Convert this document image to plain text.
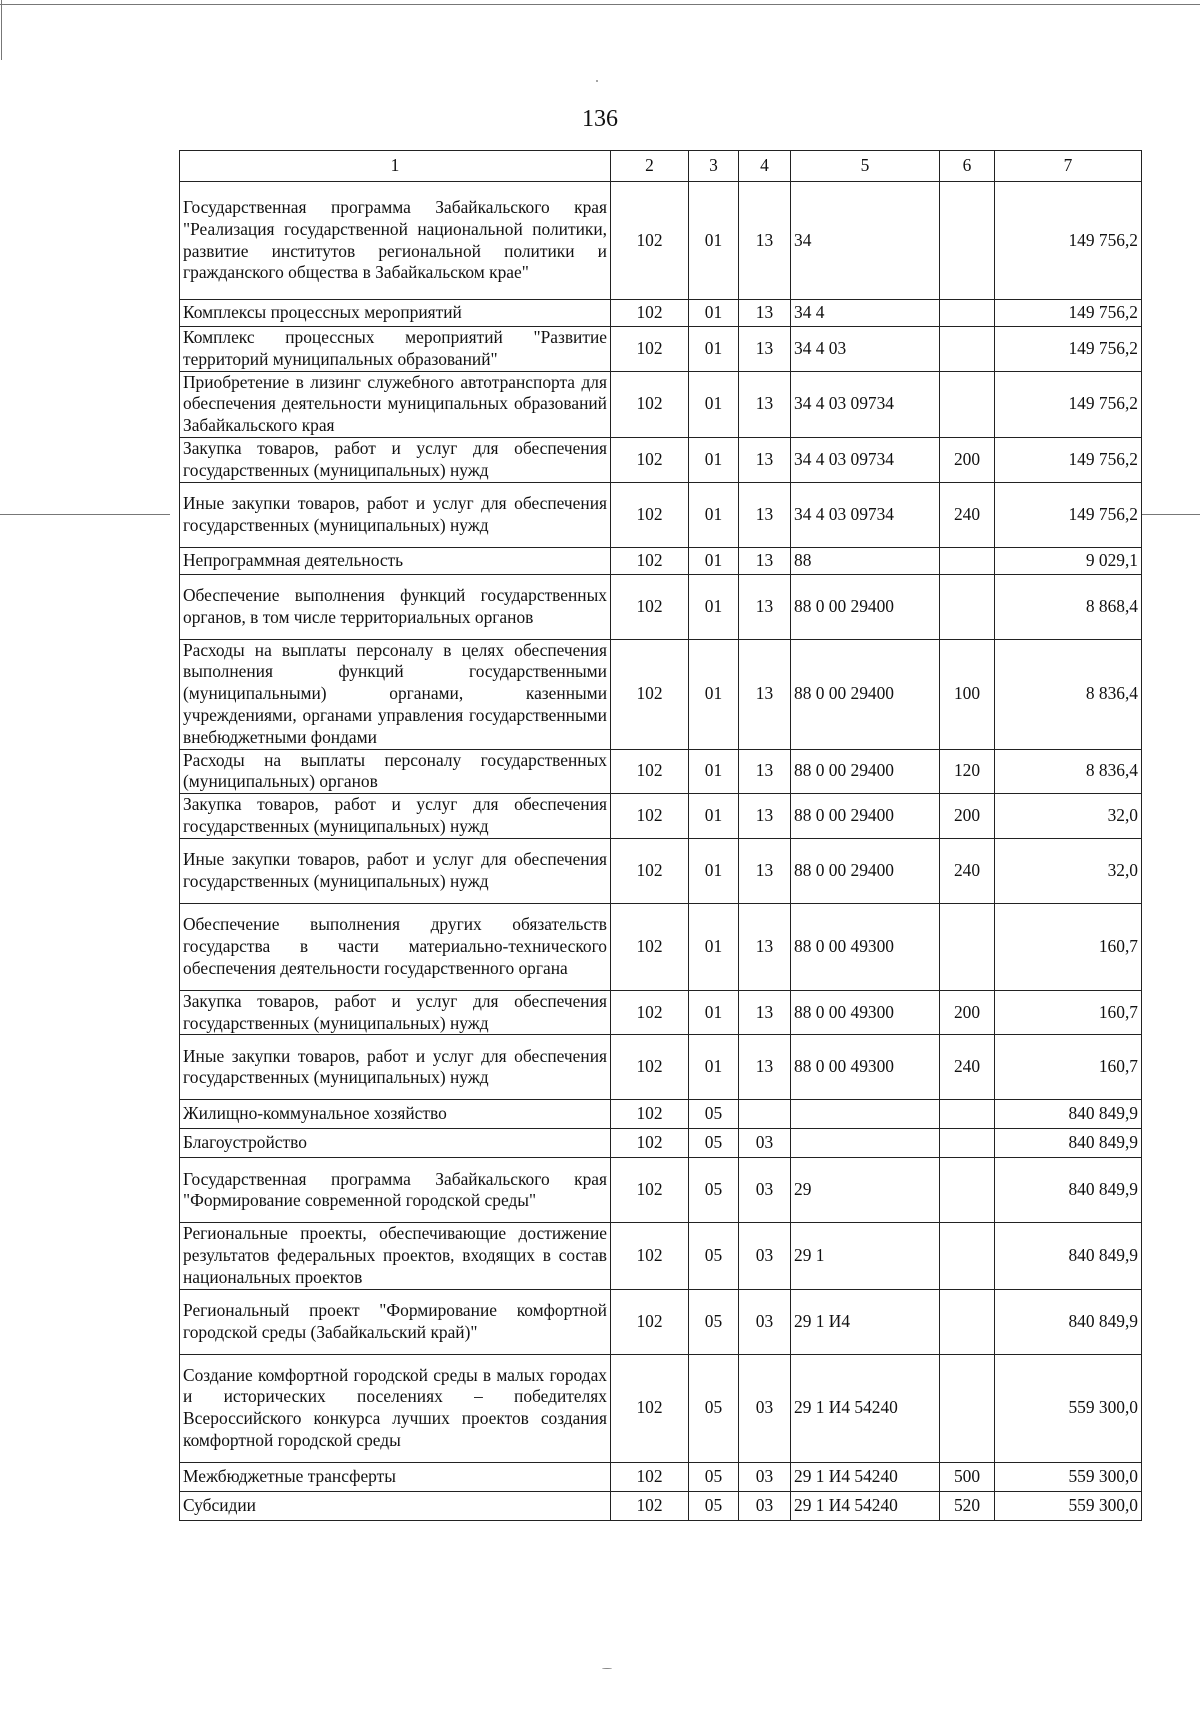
136
1	2	3	4	5	6	7
Государственная программа Забайкальского края "Реализация государственной национальной политики, развитие институтов региональной политики и гражданского общества в Забайкальском крае"	102	01	13	34		149 756,2
Комплексы процессных мероприятий	102	01	13	34 4		149 756,2
Комплекс процессных мероприятий "Развитие территорий муниципальных образований"	102	01	13	34 4 03		149 756,2
Приобретение в лизинг служебного автотранспорта для обеспечения деятельности муниципальных образований Забайкальского края	102	01	13	34 4 03 09734		149 756,2
Закупка товаров, работ и услуг для обеспечения государственных (муниципальных) нужд	102	01	13	34 4 03 09734	200	149 756,2
Иные закупки товаров, работ и услуг для обеспечения государственных (муниципальных) нужд	102	01	13	34 4 03 09734	240	149 756,2
Непрограммная деятельность	102	01	13	88		9 029,1
Обеспечение выполнения функций государственных органов, в том числе территориальных органов	102	01	13	88 0 00 29400		8 868,4
Расходы на выплаты персоналу в целях обеспечения выполнения функций государственными (муниципальными) органами, казенными учреждениями, органами управления государственными внебюджетными фондами	102	01	13	88 0 00 29400	100	8 836,4
Расходы на выплаты персоналу государственных (муниципальных) органов	102	01	13	88 0 00 29400	120	8 836,4
Закупка товаров, работ и услуг для обеспечения государственных (муниципальных) нужд	102	01	13	88 0 00 29400	200	32,0
Иные закупки товаров, работ и услуг для обеспечения государственных (муниципальных) нужд	102	01	13	88 0 00 29400	240	32,0
Обеспечение выполнения других обязательств государства в части материально-технического обеспечения деятельности государственного органа	102	01	13	88 0 00 49300		160,7
Закупка товаров, работ и услуг для обеспечения государственных (муниципальных) нужд	102	01	13	88 0 00 49300	200	160,7
Иные закупки товаров, работ и услуг для обеспечения государственных (муниципальных) нужд	102	01	13	88 0 00 49300	240	160,7
Жилищно-коммунальное хозяйство	102	05				840 849,9
Благоустройство	102	05	03			840 849,9
Государственная программа Забайкальского края "Формирование современной городской среды"	102	05	03	29		840 849,9
Региональные проекты, обеспечивающие достижение результатов федеральных проектов, входящих в состав национальных проектов	102	05	03	29 1		840 849,9
Региональный проект "Формирование комфортной городской среды (Забайкальский край)"	102	05	03	29 1 И4		840 849,9
Создание комфортной городской среды в малых городах и исторических поселениях – победителях Всероссийского конкурса лучших проектов создания комфортной городской среды	102	05	03	29 1 И4 54240		559 300,0
Межбюджетные трансферты	102	05	03	29 1 И4 54240	500	559 300,0
Субсидии	102	05	03	29 1 И4 54240	520	559 300,0
